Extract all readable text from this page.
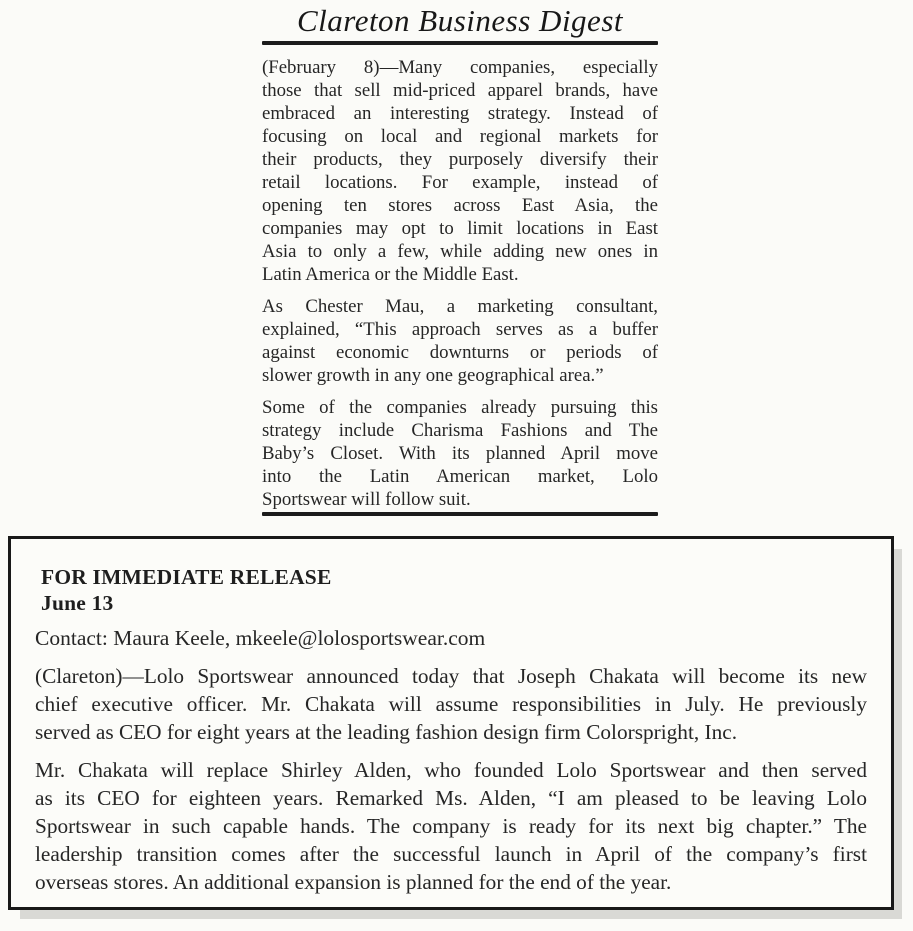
Clareton Business Digest
(February 8)—Many companies, especially
those that sell mid-priced apparel brands, have
embraced an interesting strategy. Instead of
focusing on local and regional markets for
their products, they purposely diversify their
retail locations. For example, instead of
opening ten stores across East Asia, the
companies may opt to limit locations in East
Asia to only a few, while adding new ones in
Latin America or the Middle East.
As Chester Mau, a marketing consultant,
explained, “This approach serves as a buffer
against economic downturns or periods of
slower growth in any one geographical area.”
Some of the companies already pursuing this
strategy include Charisma Fashions and The
Baby’s Closet. With its planned April move
into the Latin American market, Lolo
Sportswear will follow suit.
FOR IMMEDIATE RELEASE
June 13
Contact: Maura Keele, mkeele@lolosportswear.com
(Clareton)—Lolo Sportswear announced today that Joseph Chakata will become its new
chief executive officer. Mr. Chakata will assume responsibilities in July. He previously
served as CEO for eight years at the leading fashion design firm Colorspright, Inc.
Mr. Chakata will replace Shirley Alden, who founded Lolo Sportswear and then served
as its CEO for eighteen years. Remarked Ms. Alden, “I am pleased to be leaving Lolo
Sportswear in such capable hands. The company is ready for its next big chapter.” The
leadership transition comes after the successful launch in April of the company’s first
overseas stores. An additional expansion is planned for the end of the year.
